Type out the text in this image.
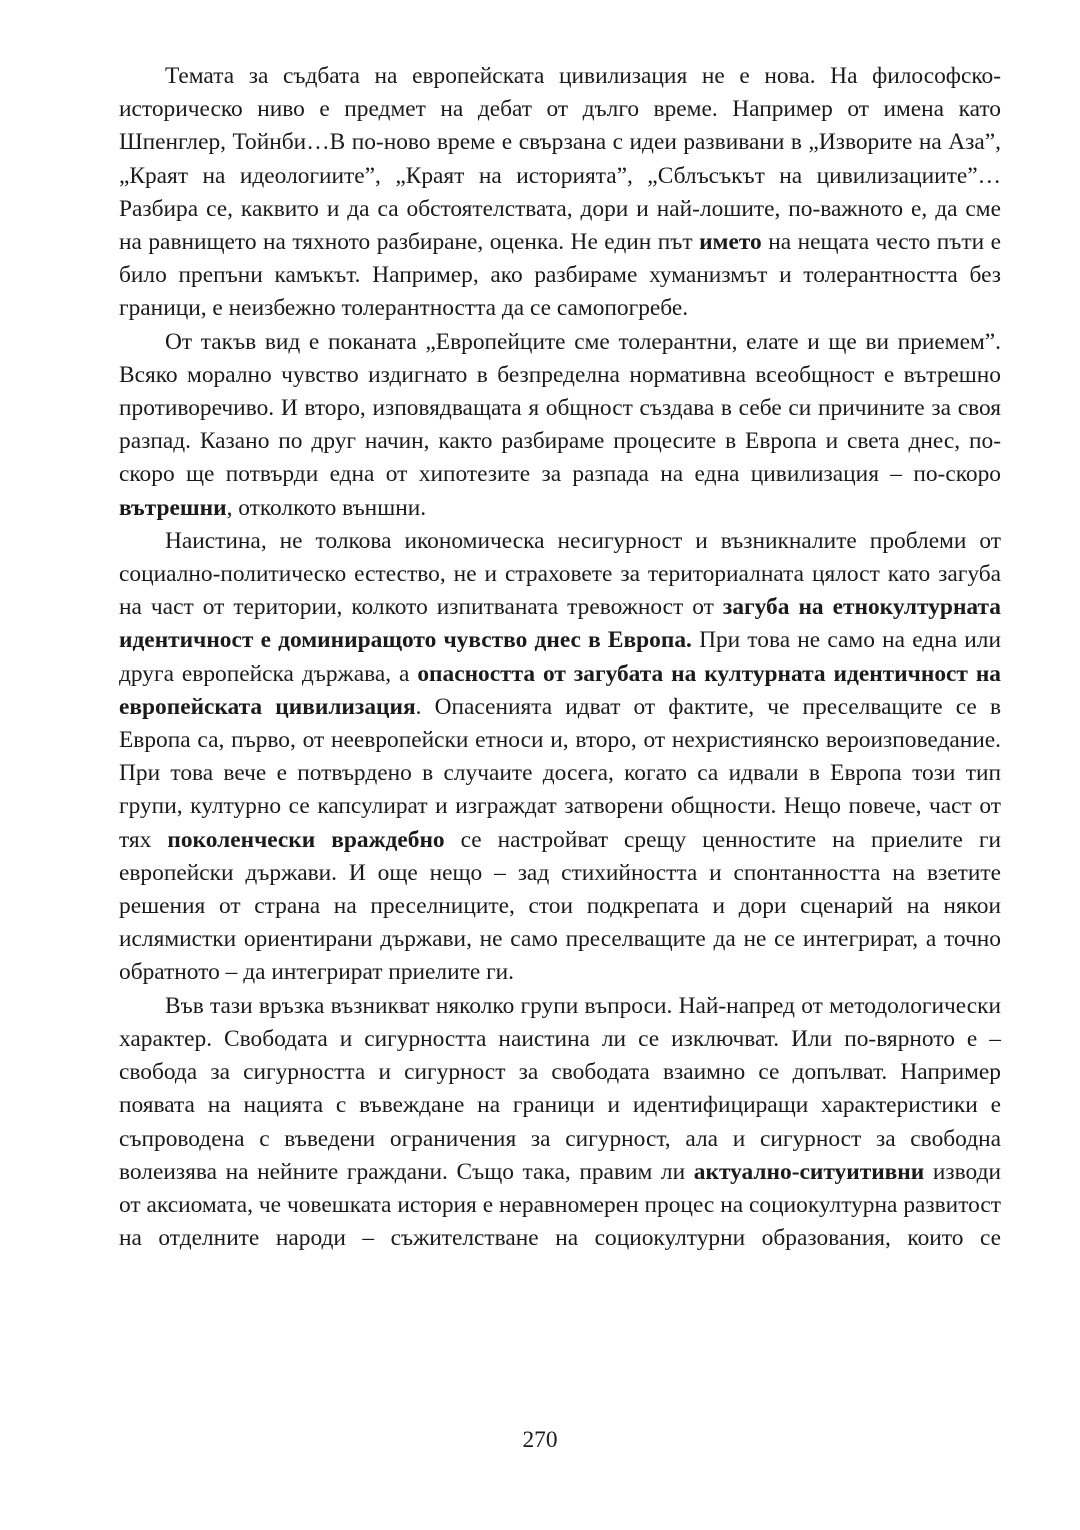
Темата за съдбата на европейската цивилизация не е нова. На философско-историческо ниво е предмет на дебат от дълго време. Например от имена като Шпенглер, Тойнби…В по-ново време е свързана с идеи развивани в „Изворите на Аза”, „Краят на идеологиите”, „Краят на историята”, „Сблъсъкът на цивилизациите”… Разбира се, каквито и да са обстоятелствата, дори и най-лошите, по-важното е, да сме на равнището на тяхното разбиране, оценка. Не един път името на нещата често пъти е било препъни камъкът. Например, ако разбираме хуманизмът и толерантността без граници, е неизбежно толерантността да се самопогребе.

От такъв вид е поканата „Европейците сме толерантни, елате и ще ви приемем”. Всяко морално чувство издигнато в безпределна нормативна всеобщност е вътрешно противоречиво. И второ, изповядващата я общност създава в себе си причините за своя разпад. Казано по друг начин, както разбираме процесите в Европа и света днес, по-скоро ще потвърди една от хипотезите за разпада на една цивилизация – по-скоро вътрешни, отколкото външни.

Наистина, не толкова икономическа несигурност и възникналите проблеми от социално-политическо естество, не и страховете за териториалната цялост като загуба на част от територии, колкото изпитваната тревожност от загуба на етнокултурната идентичност е доминиращото чувство днес в Европа. При това не само на една или друга европейска държава, а опасността от загубата на културната идентичност на европейската цивилизация. Опасенията идват от фактите, че преселващите се в Европа са, първо, от неевропейски етноси и, второ, от нехристиянско вероизповедание. При това вече е потвърдено в случаите досега, когато са идвали в Европа този тип групи, културно се капсулират и изграждат затворени общности. Нещо повече, част от тях поколенчески враждебно се настройват срещу ценностите на приелите ги европейски държави. И още нещо – зад стихийността и спонтанността на взетите решения от страна на преселниците, стои подкрепата и дори сценарий на някои ислямистки ориентирани държави, не само преселващите да не се интегрират, а точно обратното – да интегрират приелите ги.

Във тази връзка възникват няколко групи въпроси. Най-напред от методологически характер. Свободата и сигурността наистина ли се изключват. Или по-вярното е – свобода за сигурността и сигурност за свободата взаимно се допълват. Например появата на нацията с въвеждане на граници и идентифициращи характеристики е съпроводена с въведени ограничения за сигурност, ала и сигурност за свободна волеизява на нейните граждани. Също така, правим ли актуално-ситуитивни изводи от аксиомата, че човешката история е неравномерен процес на социокултурна развитост на отделните народи – съжителстване на социокултурни образования, които се

270
